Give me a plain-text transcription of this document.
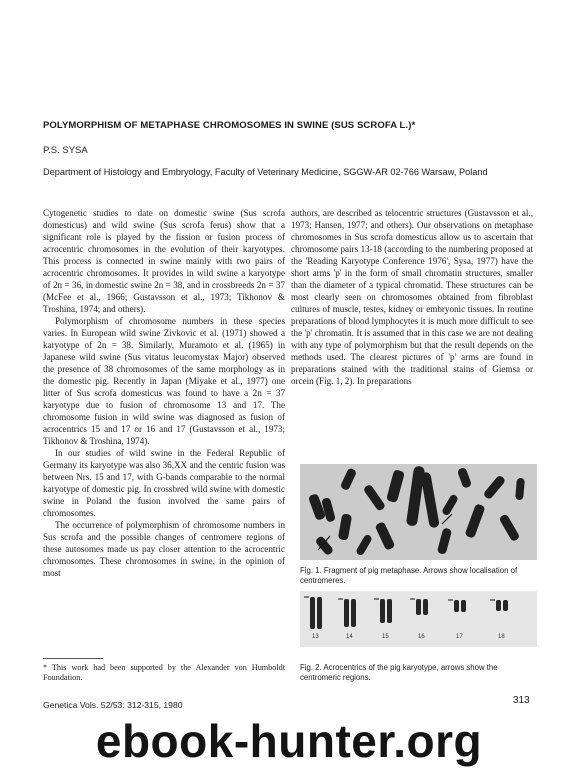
POLYMORPHISM OF METAPHASE CHROMOSOMES IN SWINE (SUS SCROFA L.)*
P.S. SYSA
Department of Histology and Embryology, Faculty of Veterinary Medicine, SGGW-AR 02-766 Warsaw, Poland

Cytogenetic studies to date on domestic swine (Sus scrofa domesticus) and wild swine (Sus scrofa ferus) show that a significant role is played by the fission or fusion process of acrocentric chromosomes in the evolution of their karyotypes. This process is connected in swine mainly with two pairs of acrocentric chromosomes. It provides in wild swine a karyotype of 2n = 36, in domestic swine 2n = 38, and in crossbreeds 2n = 37 (McFee et al., 1966; Gustavsson et al., 1973; Tikhonov & Troshina, 1974; and others).

Polymorphism of chromosome numbers in these species varies. In European wild swine Zivkovic et al. (1971) showed a karyotype of 2n = 38. Similarly, Muramoto et al. (1965) in Japanese wild swine (Sus vitatus leucomystax Major) observed the presence of 38 chromosomes of the same morphology as in the domestic pig. Recently in Japan (Miyake et al., 1977) one litter of Sus scrofa domesticus was found to have a 2n = 37 karyotype due to fusion of chromosome 13 and 17. The chromosome fusion in wild swine was diagnosed as fusion of acrocentrics 15 and 17 or 16 and 17 (Gustavsson et al., 1973; Tikhonov & Troshina, 1974).

In our studies of wild swine in the Federal Republic of Germany its karyotype was also 36,XX and the centric fusion was between Nrs. 15 and 17, with G-bands comparable to the normal karyotype of domestic pig. In crossbred wild swine with domestic swine in Poland the fusion involved the same pairs of chromosomes.

The occurrence of polymorphism of chromosome numbers in Sus scrofa and the possible changes of centromere regions of these autosomes made us pay closer attention to the acrocentric chromosomes. These chromosomes in swine, in the opinion of most

authors, are described as telocentric structures (Gustavsson et al., 1973; Hansen, 1977; and others). Our observations on metaphase chromosomes in Sus scrofa domesticus allow us to ascertain that chromosome pairs 13-18 (according to the numbering proposed at the 'Reading Karyotype Conference 1976', Sysa, 1977) have the short arms 'p' in the form of small chromatin structures, smaller than the diameter of a typical chromatid. These structures can be most clearly seen on chromosomes obtained from fibroblast cultures of muscle, testes, kidney or embryonic tissues. In routine preparations of blood lymphocytes it is much more difficult to see the 'p' chromatin. It is assumed that in this case we are not dealing with any type of polymorphism but that the result depends on the methods used. The clearest pictures of 'p' arms are found in preparations stained with the traditional stains of Giemsa or orcein (Fig. 1, 2). In preparations

Fig. 1. Fragment of pig metaphase. Arrows show localisation of centromeres.
13	14	15	16	17	18
Fig. 2. Acrocentrics of the pig karyotype, arrows show the centromeric regions.
* This work had been supported by the Alexander von Humboldt Foundation.
Genetica Vols. 52/53: 312-315, 1980	313
ebook-hunter.org
